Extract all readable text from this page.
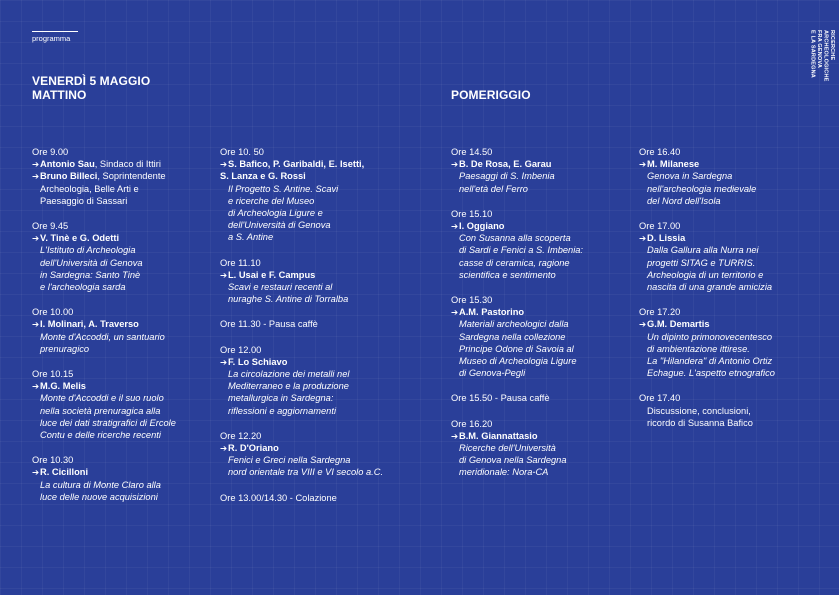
programma	RICERCHE
ARCHEOLOGICHE
FRA GENOVA
E LA SARDEGNA
VENERDÌ 5 MAGGIO
MATTINO	POMERIGGIO
Ore 9.00
➔Antonio Sau, Sindaco di Ittiri
➔Bruno Billeci, Soprintendente
Archeologia, Belle Arti e
Paesaggio di Sassari
Ore 9.45
➔V. Tinè e G. Odetti
L'Istituto di Archeologia
dell'Università di Genova
in Sardegna: Santo Tinè
e l'archeologia sarda
Ore 10.00
➔I. Molinari, A. Traverso
Monte d'Accoddi, un santuario
prenuragico
Ore 10.15
➔M.G. Melis
Monte d'Accoddi e il suo ruolo
nella società prenuragica alla
luce dei dati stratigrafici di Ercole
Contu e delle ricerche recenti
Ore 10.30
➔R. Cicilloni
La cultura di Monte Claro alla
luce delle nuove acquisizioni
Ore 10. 50
➔S. Bafico, P. Garibaldi, E. Isetti,
S. Lanza e G. Rossi
Il Progetto S. Antine. Scavi
e ricerche del Museo
di Archeologia Ligure e
dell'Università di Genova
a S. Antine
Ore 11.10
➔L. Usai e F. Campus
Scavi e restauri recenti al
nuraghe S. Antine di Torralba
Ore 11.30 - Pausa caffè
Ore 12.00
➔F. Lo Schiavo
La circolazione dei metalli nel
Mediterraneo e la produzione
metallurgica in Sardegna:
riflessioni e aggiornamenti
Ore 12.20
➔R. D'Oriano
Fenici e Greci nella Sardegna
nord orientale tra VIII e VI secolo a.C.
Ore 13.00/14.30 - Colazione
Ore 14.50
➔B. De Rosa, E. Garau
Paesaggi di S. Imbenia
nell'età del Ferro
Ore 15.10
➔I. Oggiano
Con Susanna alla scoperta
di Sardi e Fenici a S. Imbenia:
casse di ceramica, ragione
scientifica e sentimento
Ore 15.30
➔A.M. Pastorino
Materiali archeologici dalla
Sardegna nella collezione
Principe Odone di Savoia al
Museo di Archeologia Ligure
di Genova-Pegli
Ore 15.50 - Pausa caffè
Ore 16.20
➔B.M. Giannattasio
Ricerche dell'Università
di Genova nella Sardegna
meridionale: Nora-CA
Ore 16.40
➔M. Milanese
Genova in Sardegna
nell'archeologia medievale
del Nord dell'Isola
Ore 17.00
➔D. Lissia
Dalla Gallura alla Nurra nei
progetti SITAG e TURRIS.
Archeologia di un territorio e
nascita di una grande amicizia
Ore 17.20
➔G.M. Demartis
Un dipinto primonovecentesco
di ambientazione ittirese.
La "Hilandera" di Antonio Ortiz
Echague. L'aspetto etnografico
Ore 17.40
Discussione, conclusioni,
ricordo di Susanna Bafico
